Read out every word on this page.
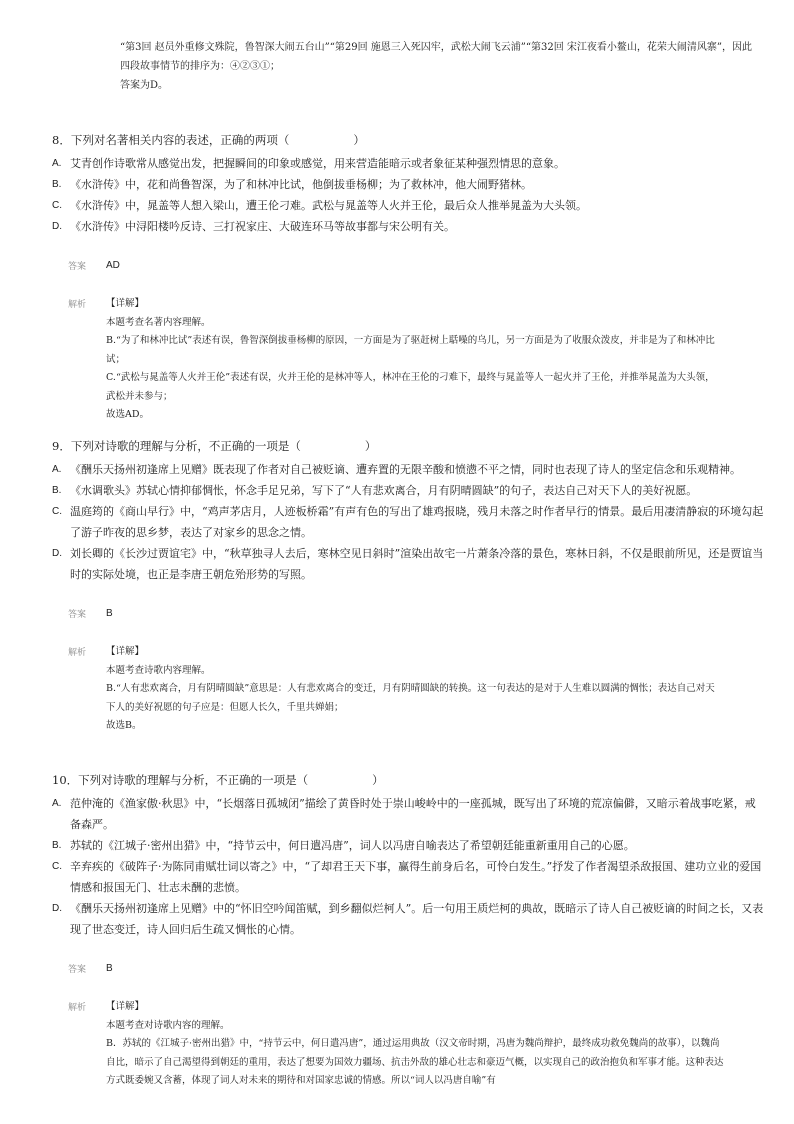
“第3回 赵员外重修文殊院，鲁智深大闹五台山”“第29回 施恩三入死囚牢，武松大闹飞云浦”“第32回 宋江夜看小鳌山，花荣大闹清风寨”，因此四段故事情节的排序为：④②③①；

答案为D。

8．下列对名著相关内容的表述，正确的两项（	）

A. 艾青创作诗歌常从感觉出发，把握瞬间的印象或感觉，用来营造能暗示或者象征某种强烈情思的意象。
B. 《水浒传》中，花和尚鲁智深，为了和林冲比试，他倒拔垂杨柳；为了救林冲，他大闹野猪林。
C. 《水浒传》中，晁盖等人想入梁山，遭王伦刁难。武松与晁盖等人火并王伦，最后众人推举晁盖为大头领。
D. 《水浒传》中浔阳楼吟反诗、三打祝家庄、大破连环马等故事都与宋公明有关。
答案	AD
解析	【详解】

本题考查名著内容理解。

B.“为了和林冲比试”表述有误，鲁智深倒拔垂杨柳的原因，一方面是为了驱赶树上聒噪的乌儿，另一方面是为了收服众泼皮，并非是为了和林冲比试；

C.“武松与晁盖等人火并王伦”表述有误，火并王伦的是林冲等人，林冲在王伦的刁难下，最终与晁盖等人一起火并了王伦，并推举晁盖为大头领，武松并未参与；

故选AD。

9．下列对诗歌的理解与分析，不正确的一项是（	）

A. 《酬乐天扬州初逢席上见赠》既表现了作者对自己被贬谪、遭弃置的无限辛酸和愤懑不平之情，同时也表现了诗人的坚定信念和乐观精神。
B. 《水调歌头》苏轼心情抑郁惆怅，怀念手足兄弟，写下了“人有悲欢离合，月有阴晴圆缺”的句子，表达自己对天下人的美好祝愿。
C. 温庭筠的《商山早行》中，“鸡声茅店月，人迹板桥霜”有声有色的写出了雄鸡报晓，残月未落之时作者早行的情景。最后用凄清静寂的环境勾起了游子昨夜的思乡梦，表达了对家乡的思念之情。
D. 刘长卿的《长沙过贾谊宅》中，“秋草独寻人去后，寒林空见日斜时”渲染出故宅一片萧条冷落的景色，寒林日斜，不仅是眼前所见，还是贾谊当时的实际处境，也正是李唐王朝危殆形势的写照。
答案	B
解析	【详解】

本题考查诗歌内容理解。

B.“人有悲欢离合，月有阴晴圆缺”意思是：人有悲欢离合的变迁，月有阴晴圆缺的转换。这一句表达的是对于人生难以圆满的惆怅；表达自己对天下人的美好祝愿的句子应是：但愿人长久，千里共婵娟；

故选B。

10．下列对诗歌的理解与分析，不正确的一项是（	）

A. 范仲淹的《渔家傲·秋思》中，“长烟落日孤城闭”描绘了黄昏时处于崇山峻岭中的一座孤城，既写出了环境的荒凉偏僻，又暗示着战事吃紧，戒备森严。
B. 苏轼的《江城子·密州出猎》中，“持节云中，何日遣冯唐”，词人以冯唐自喻表达了希望朝廷能重新重用自己的心愿。
C. 辛弃疾的《破阵子·为陈同甫赋壮词以寄之》中，“了却君王天下事，赢得生前身后名，可怜白发生。”抒发了作者渴望杀敌报国、建功立业的爱国情感和报国无门、壮志未酬的悲愤。
D. 《酬乐天扬州初逢席上见赠》中的“怀旧空吟闻笛赋，到乡翻似烂柯人”。后一句用王质烂柯的典故，既暗示了诗人自己被贬谪的时间之长，又表现了世态变迁，诗人回归后生疏又惆怅的心情。
答案	B
解析	【详解】

本题考查对诗歌内容的理解。

B．苏轼的《江城子·密州出猎》中，“持节云中，何日遣冯唐”，通过运用典故（汉文帝时期，冯唐为魏尚辩护，最终成功救免魏尚的故事），以魏尚自比，暗示了自己渴望得到朝廷的重用，表达了想要为国效力疆场、抗击外敌的雄心壮志和豪迈气概，以实现自己的政治抱负和军事才能。这种表达方式既委婉又含蓄，体现了词人对未来的期待和对国家忠诚的情感。所以“词人以冯唐自喻”有
